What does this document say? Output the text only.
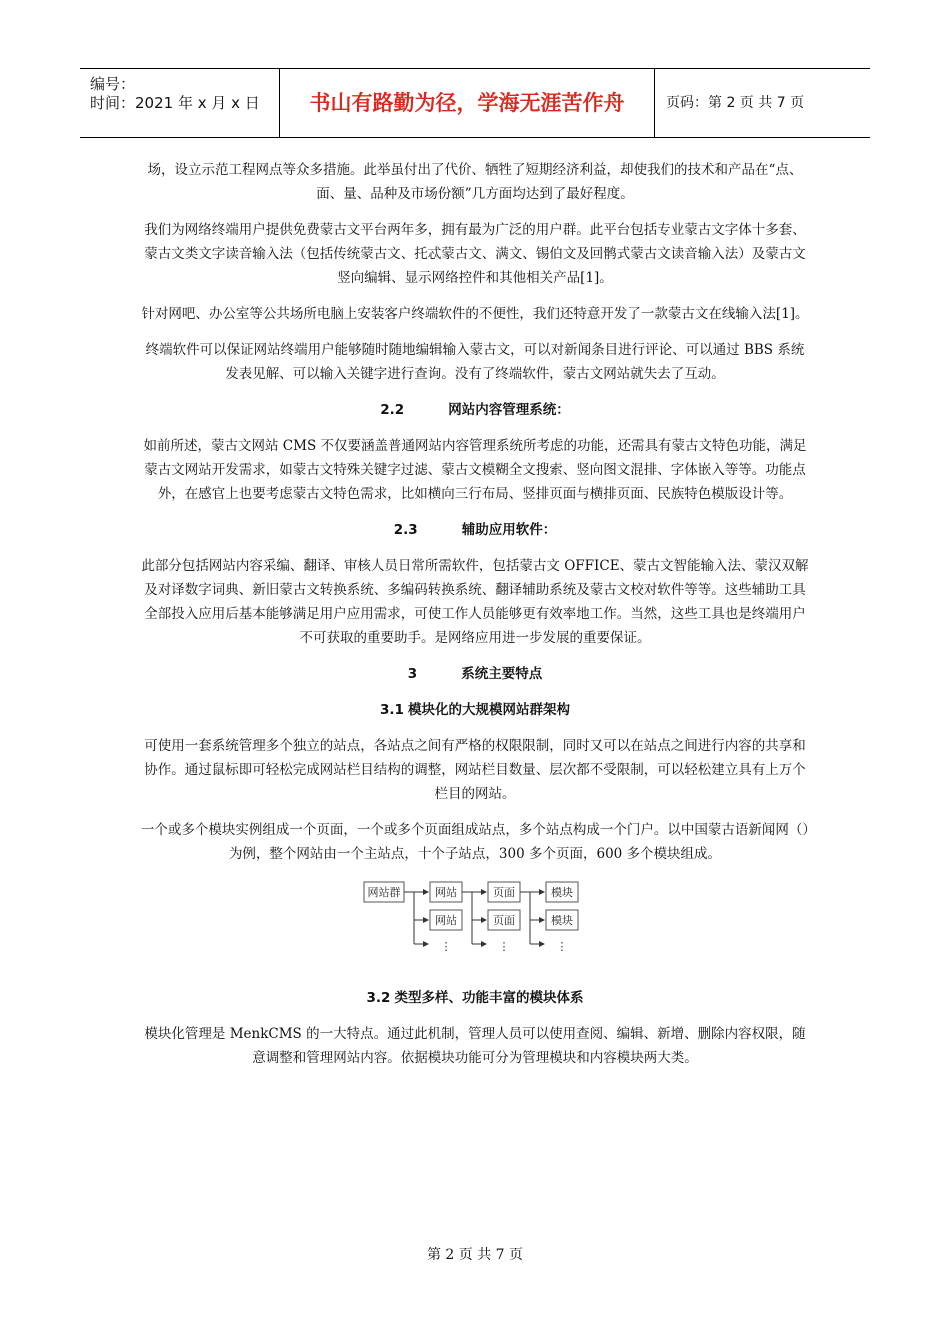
编号：
时间：2021 年 x 月 x 日	书山有路勤为径，学海无涯苦作舟	页码：第 2 页 共 7 页

场，设立示范工程网点等众多措施。此举虽付出了代价、牺牲了短期经济利益，却使我们的技术和产品在“点、面、量、品种及市场份额”几方面均达到了最好程度。

我们为网络终端用户提供免费蒙古文平台两年多，拥有最为广泛的用户群。此平台包括专业蒙古文字体十多套、蒙古文类文字读音输入法（包括传统蒙古文、托忒蒙古文、满文、锡伯文及回鹘式蒙古文读音输入法）及蒙古文竖向编辑、显示网络控件和其他相关产品[1]。

针对网吧、办公室等公共场所电脑上安装客户终端软件的不便性，我们还特意开发了一款蒙古文在线输入法[1]。

终端软件可以保证网站终端用户能够随时随地编辑输入蒙古文，可以对新闻条目进行评论、可以通过 BBS 系统发表见解、可以输入关键字进行查询。没有了终端软件，蒙古文网站就失去了互动。

2.2	网站内容管理系统：

如前所述，蒙古文网站 CMS 不仅要涵盖普通网站内容管理系统所考虑的功能，还需具有蒙古文特色功能，满足蒙古文网站开发需求，如蒙古文特殊关键字过滤、蒙古文模糊全文搜索、竖向图文混排、字体嵌入等等。功能点外，在感官上也要考虑蒙古文特色需求，比如横向三行布局、竖排页面与横排页面、民族特色模版设计等。

2.3	辅助应用软件：

此部分包括网站内容采编、翻译、审核人员日常所需软件，包括蒙古文 OFFICE、蒙古文智能输入法、蒙汉双解及对译数字词典、新旧蒙古文转换系统、多编码转换系统、翻译辅助系统及蒙古文校对软件等等。这些辅助工具全部投入应用后基本能够满足用户应用需求，可使工作人员能够更有效率地工作。当然，这些工具也是终端用户不可获取的重要助手。是网络应用进一步发展的重要保证。

3	系统主要特点
3.1 模块化的大规模网站群架构

可使用一套系统管理多个独立的站点，各站点之间有严格的权限限制，同时又可以在站点之间进行内容的共享和协作。通过鼠标即可轻松完成网站栏目结构的调整，网站栏目数量、层次都不受限制，可以轻松建立具有上万个栏目的网站。

一个或多个模块实例组成一个页面，一个或多个页面组成站点，多个站点构成一个门户。以中国蒙古语新闻网（）为例，整个网站由一个主站点，十个子站点，300 多个页面，600 多个模块组成。

网站群	网站	页面	模块
网站	页面	模块
⋮	⋮	⋮
3.2 类型多样、功能丰富的模块体系

模块化管理是 MenkCMS 的一大特点。通过此机制，管理人员可以使用查阅、编辑、新增、删除内容权限，随意调整和管理网站内容。依据模块功能可分为管理模块和内容模块两大类。

第 2 页 共 7 页
